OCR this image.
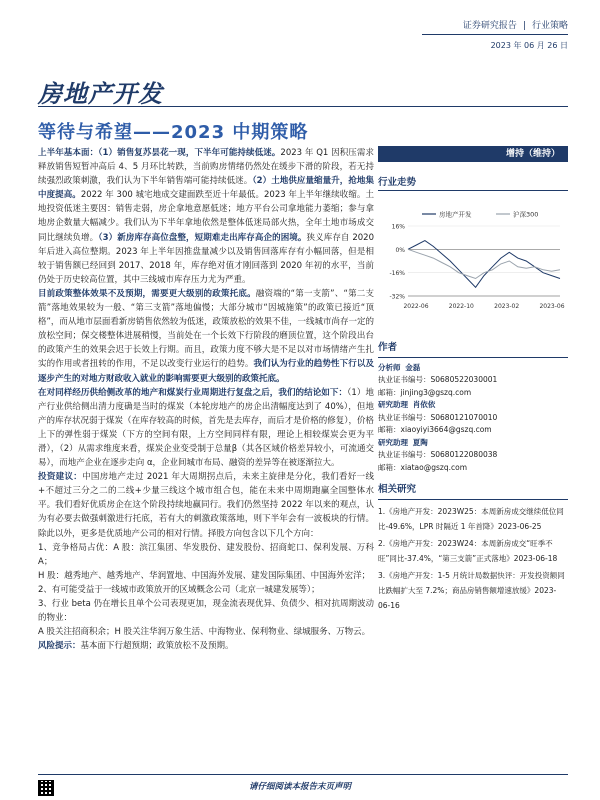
证券研究报告 | 行业策略
2023 年 06 月 26 日
房地产开发
等待与希望——2023 中期策略

上半年基本面：（1）销售复苏昙花一现，下半年可能持续低迷。2023 年 Q1 因积压需求释放销售短暂冲高后 4、5 月环比转跌，当前购房情绪仍然处在缓步下滑的阶段，若无持续强烈政策刺激，我们认为下半年销售端可能持续低迷。（2）土地供应量缩量升，抢地集中度提高。2022 年 300 城宅地成交建面跌至近十年最低。2023 年上半年继续收缩。土地投资低迷主要因：销售走弱，房企拿地意愿低迷；地方平台公司拿地能力萎缩；参与拿地房企数量大幅减少。我们认为下半年拿地依然是整体低迷局部火热，全年土地市场成交同比继续负增。（3）新房库存高位盘整，短期难走出库存高企的困境。狭义库存自 2020 年后进入高位整期。2023 年上半年因推盘量减少以及销售回落库存有小幅回落，但是相较于销售额已经回到 2017、2018 年，库存绝对值才刚回落到 2020 年初的水平，当前仍处于历史较高位置，其中三线城市库存压力尤为严重。

目前政策整体效果不及预期，需要更大级别的政策托底。融资端的“第一支箭”、“第二支箭”落地效果较为一般、“第三支箭”落地偏慢；大部分城市“因城施策”的政策已接近“顶格”，而从地市层面看新房销售依然较为低迷，政策放松的效果不佳，一线城市尚存一定的放松空间；保交楼整体进展稍慢，当前处在一个长效下行阶段的磨顶位置，这个阶段出台的政策产生的效果会迟于长效上行期。而且，政策力度不够大是不足以对市场情绪产生扎实的作用或者扭转的作用，不足以改变行业运行的趋势。我们认为行业的趋势性下行以及逐步产生的对地方财政收入就业的影响需要更大级别的政策托底。

在对同样经历供给侧改革的地产和煤炭行业周期进行复盘之后，我们的结论如下：（1）地产行业供给侧出清力度确是当时的煤炭（本轮房地产的房企出清幅度达到了 40%），但地产的库存状况弱于煤炭（在库存较高的时候，首先是去库存，而后才是价格的修复），价格上下的弹性弱于煤炭（下方的空间有限，上方空间同样有限，理论上相较煤炭会更为平滑），（2）从需求维度来看，煤炭企业变受制于总量β（其各区域价格差异较小，可流通交易），而地产企业在逐步走向 α，企业间城市布局、融资的差异等在被逐渐拉大。

投资建议：中国房地产走过 2021 年大周期拐点后，未来主旋律是分化，我们看好一线+不超过三分之二的二线+少量三线这个城市组合包，能在未来中周期跑赢全国整体水平。我们看好优质房企在这个阶段持续地赢同行。我们仍然坚持 2022 年以来的观点，认为有必要去做强刺激进行托底，若有大的刺激政策落地，则下半年会有一波板块的行情。除此以外，更多是优质地产公司的相对行情。择股方向包含以下几个方向：

1、竞争格局占优：A 股：滨江集团、华发股份、建发股份、招商蛇口、保利发展、万科 A；

H 股：越秀地产、越秀地产、华润置地、中国海外发展、建发国际集团、中国海外宏洋；

2、有可能受益于一线城市政策放开的区域概念公司（北京一城建发展等）；

3、行业 beta 仍在增长且单个公司表现更加，现金流表现优异、负债少、相对抗周期波动的物业：

A 股关注招商积余；H 股关注华润万象生活、中海物业、保利物业、绿城服务、万物云。

风险提示：基本面下行超预期；政策放松不及预期。

增持（维持）
行业走势
房地产开发	沪深300
16%
0%
-16%
-32%
2022-06	2022-10	2023-02	2023-06
作者
分析师 金磊
执业证书编号：S0680522030001
邮箱：jinjing3@gszq.com
研究助理 肖依依
执业证书编号：S0680121070010
邮箱：xiaoyiyi3664@gszq.com
研究助理 夏陶
执业证书编号：S0680122080038
邮箱：xiatao@gszq.com
相关研究
1.《房地产开发：2023W25：本周新房成交继续低位同比-49.6%，LPR 时隔近 1 年首降》2023-06-25
2.《房地产开发：2023W24：本周新房成交“旺季不旺”同比-37.4%，“第三支箭”正式落地》2023-06-18
3.《房地产开发：1-5 月统计局数据快评：开发投资额同比跌幅扩大至 7.2%；商品房销售额增速放缓》2023-06-16
请仔细阅读本报告末页声明
